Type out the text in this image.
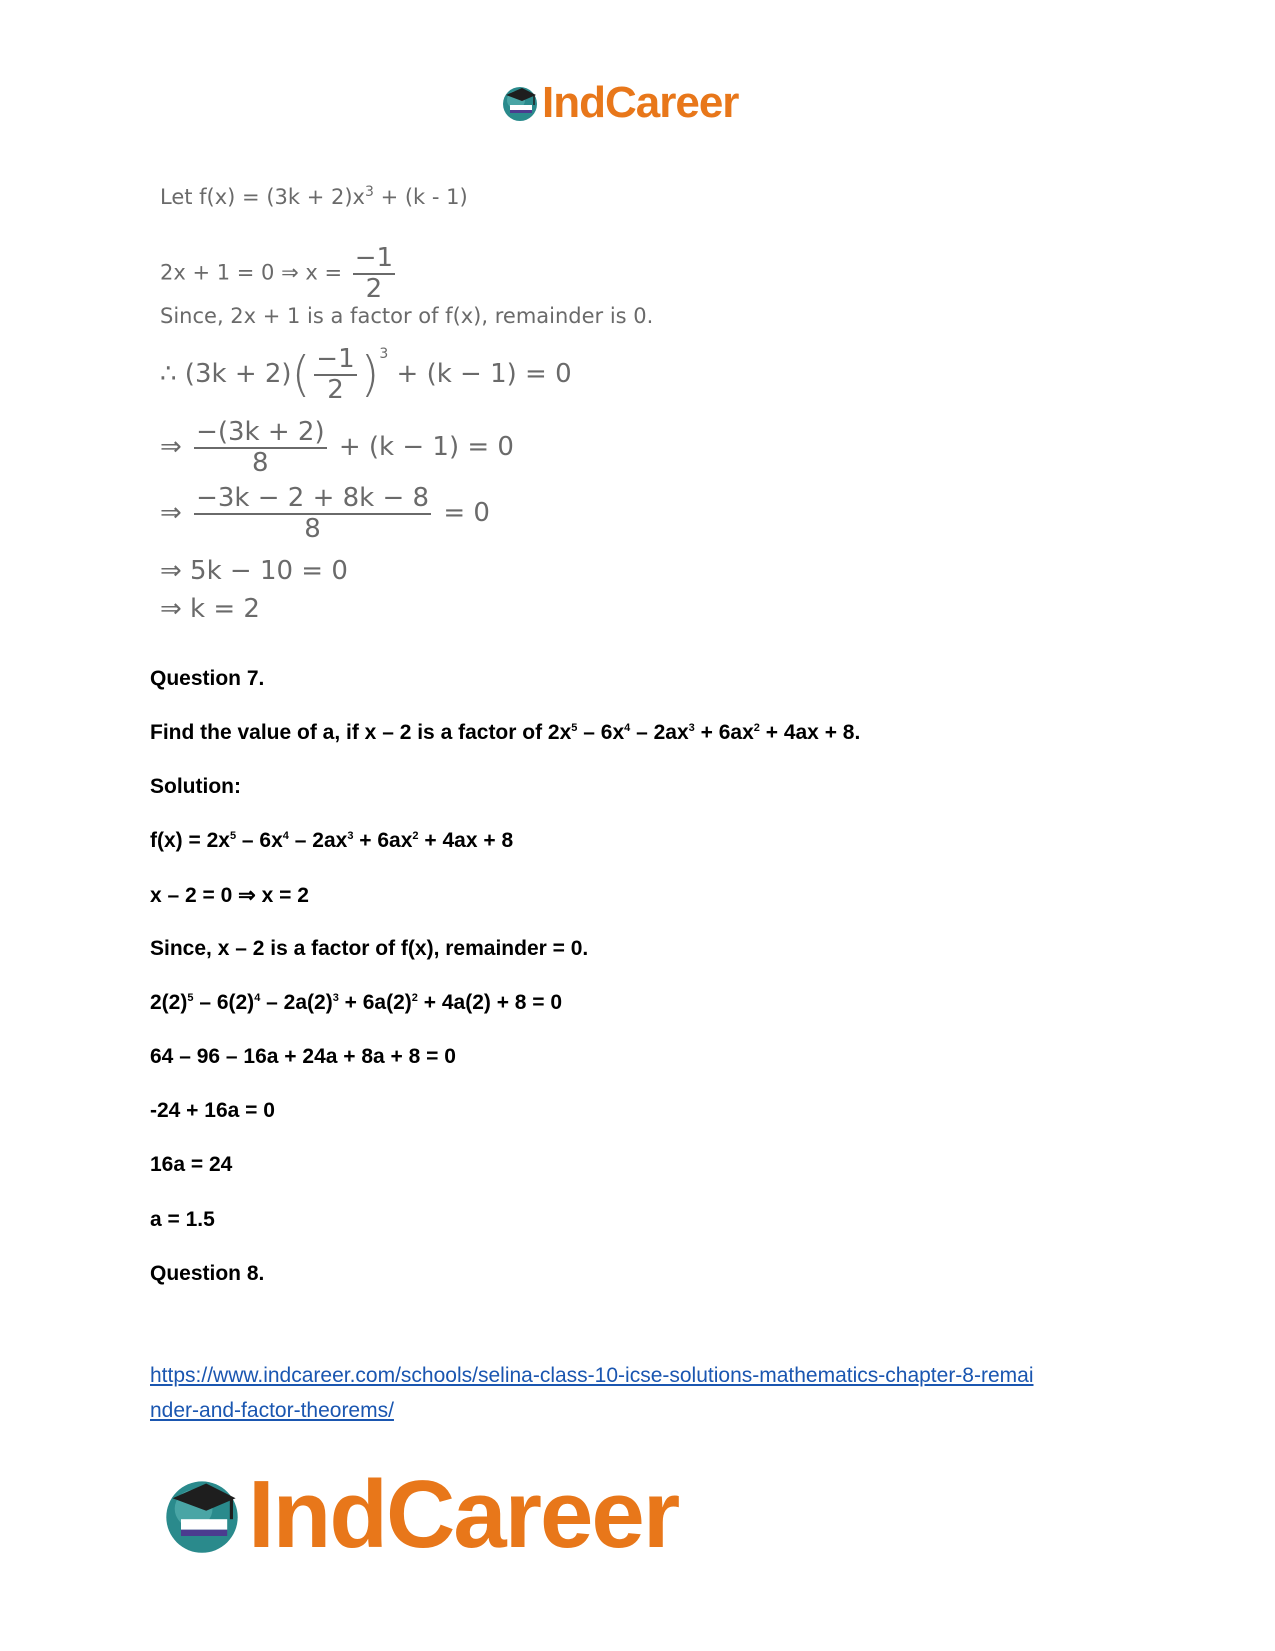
IndCareer
Let $f(x) = (3k + 2)x^3 + (k - 1)$
2x + 1 = 0 ⇒ $x = \frac{-1}{2}$
Since, 2x + 1 is a factor of f(x), remainder is 0.
∴ $(3k + 2)( \frac{-1}{2} )^3 + (k - 1) = 0$
⇒ $\frac{-(3k + 2)}{8} + (k - 1) = 0$
⇒ $\frac{-3k - 2 + 8k - 8}{8} = 0$
⇒ 5k − 10 = 0
⇒ k = 2
Question 7.
Find the value of a, if x – 2 is a factor of $2x^5 - 6x^4 - 2ax^3 + 6ax^2 + 4ax + 8$.
Solution:
$f(x) = 2x^5 - 6x^4 - 2ax^3 + 6ax^2 + 4ax + 8$
x – 2 = 0 ⇒ x = 2
Since, x – 2 is a factor of f(x), remainder = 0.
$2(2)^5 - 6(2)^4 - 2a(2)^3 + 6a(2)^2 + 4a(2) + 8 = 0$
64 – 96 – 16a + 24a + 8a + 8 = 0
-24 + 16a = 0
16a = 24
a = 1.5
Question 8.
https://www.indcareer.com/schools/selina-class-10-icse-solutions-mathematics-chapter-8-remai
nder-and-factor-theorems/
IndCareer
